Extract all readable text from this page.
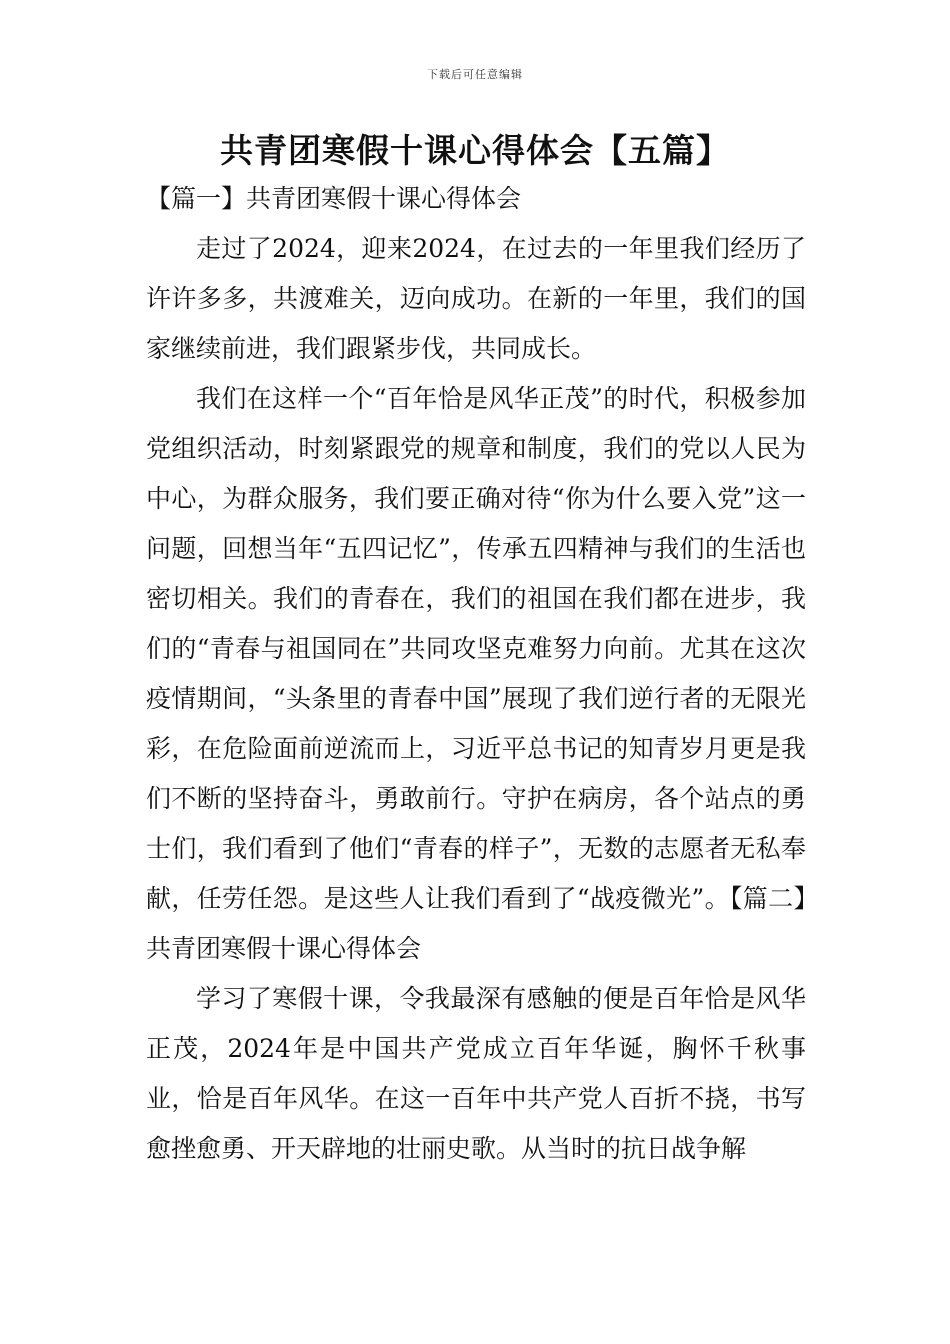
下载后可任意编辑
共青团寒假十课心得体会【五篇】

【篇一】共青团寒假十课心得体会

走过了2024，迎来2024，在过去的一年里我们经历了许许多多，共渡难关，迈向成功。在新的一年里，我们的国家继续前进，我们跟紧步伐，共同成长。

我们在这样一个“百年恰是风华正茂”的时代，积极参加党组织活动，时刻紧跟党的规章和制度，我们的党以人民为中心，为群众服务，我们要正确对待“你为什么要入党”这一问题，回想当年“五四记忆”，传承五四精神与我们的生活也密切相关。我们的青春在，我们的祖国在我们都在进步，我们的“青春与祖国同在”共同攻坚克难努力向前。尤其在这次疫情期间，“头条里的青春中国”展现了我们逆行者的无限光彩，在危险面前逆流而上，习近平总书记的知青岁月更是我们不断的坚持奋斗，勇敢前行。守护在病房，各个站点的勇士们，我们看到了他们“青春的样子”，无数的志愿者无私奉献，任劳任怨。是这些人让我们看到了“战疫微光”。【篇二】共青团寒假十课心得体会

学习了寒假十课，令我最深有感触的便是百年恰是风华正茂，2024年是中国共产党成立百年华诞，胸怀千秋事业，恰是百年风华。在这一百年中共产党人百折不挠，书写愈挫愈勇、开天辟地的壮丽史歌。从当时的抗日战争解
